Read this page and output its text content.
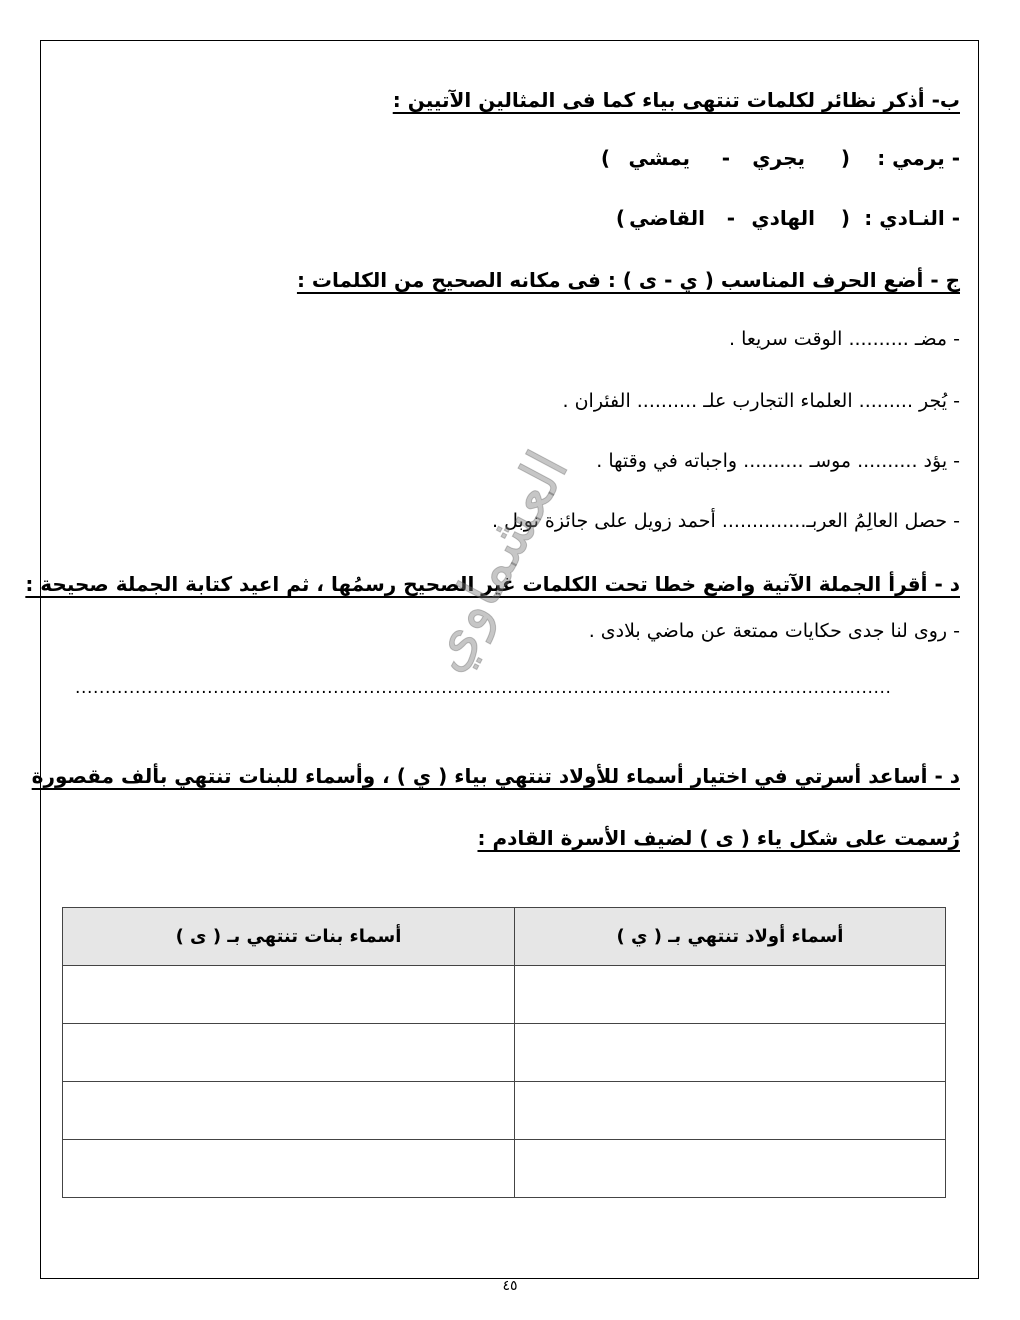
ب- أذكر نظائر لكلمات تنتهى بياء كما فى المثالين الآتيين :
- يرمي :
(
يجري
-
يمشي
)
- النـادي :
(
الهادي
-
القاضي
)
ج - أضع الحرف المناسب ( ي - ى ) : فى مكانه الصحيح من الكلمات :
- مضـ .......... الوقت سريعا .
- يُجر ......... العلماء التجارب علـ .......... الفئران .
- يؤد .......... موسـ .......... واجباته في وقتها .
- حصل العالِمُ العربـ.............. أحمد زويل على جائزة نوبل .
د - أقرأ الجملة الآتية واضع خطا تحت الكلمات غير الصحيح رسمُها ، ثم اعيد كتابة الجملة صحيحة :
- روى لنا جدى حكايات ممتعة عن ماضي بلادى .
........................................................................................................................................
العشماوي
د - أساعد أسرتي في اختيار أسماء للأولاد تنتهي بياء ( ي ) ، وأسماء للبنات تنتهي بألف مقصورة
رُسمت على شكل ياء ( ى ) لضيف الأسرة القادم :
أسماء أولاد تنتهي بـ ( ي )	أسماء بنات تنتهي بـ ( ى )

٤٥
